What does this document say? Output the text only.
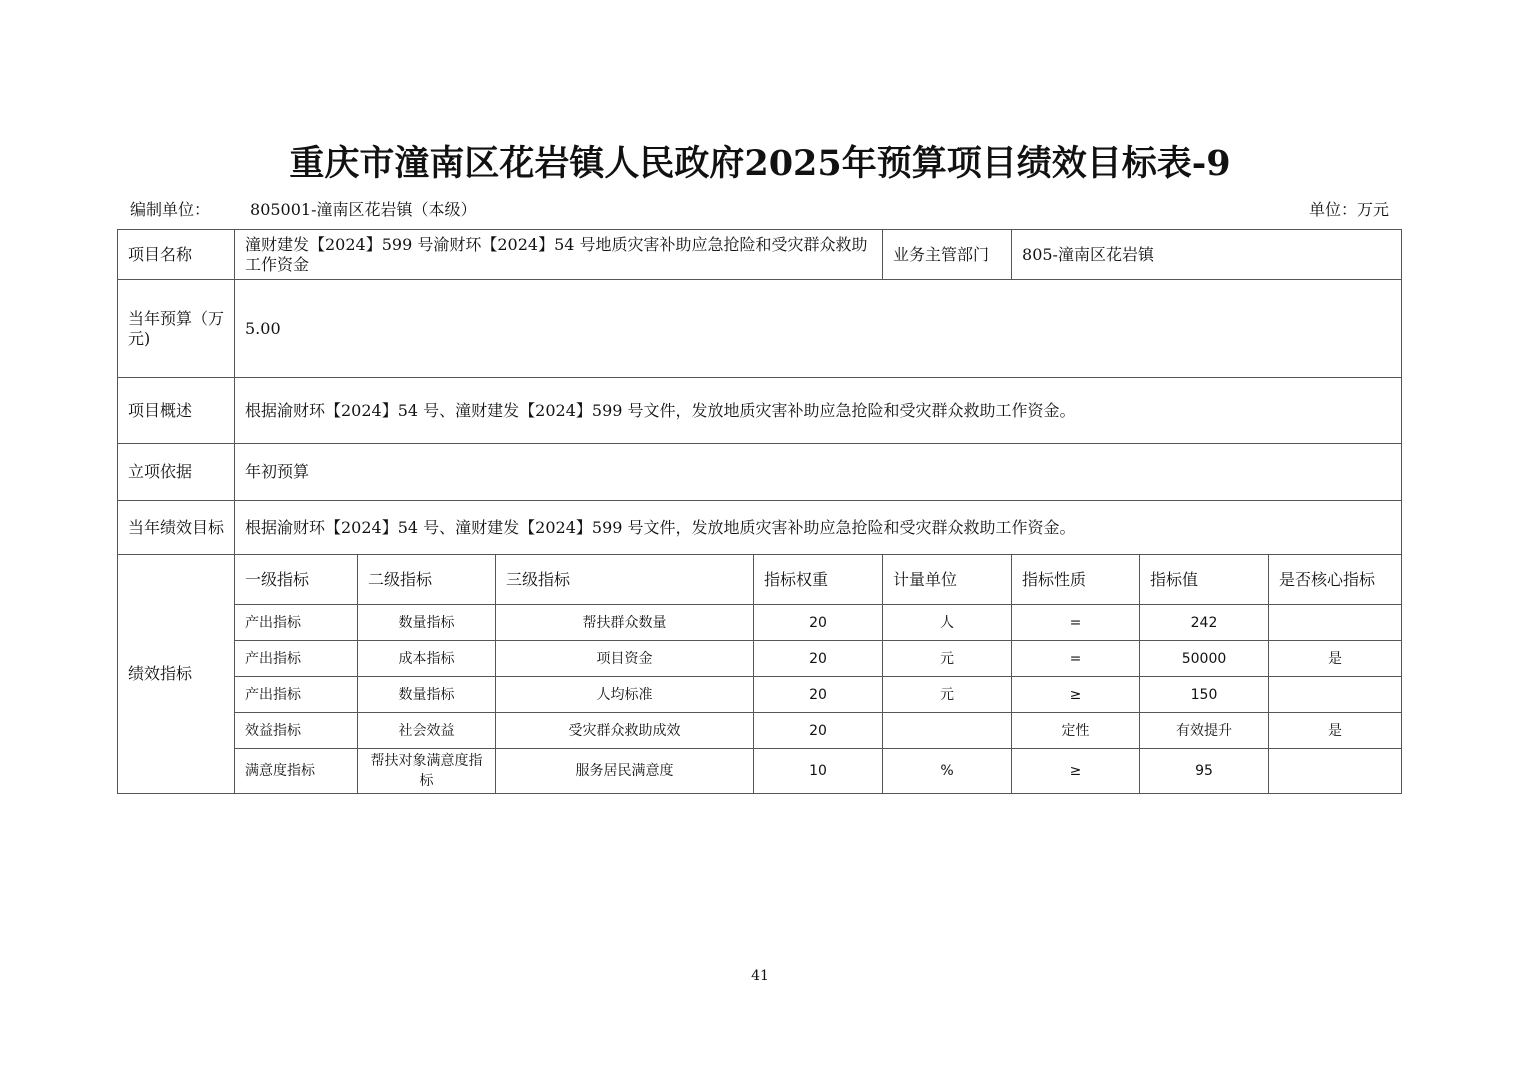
重庆市潼南区花岩镇人民政府2025年预算项目绩效目标表-9
编制单位：	805001-潼南区花岩镇（本级）	单位：万元
项目名称	潼财建发【2024】599 号渝财环【2024】54 号地质灾害补助应急抢险和受灾群众救助工作资金				业务主管部门	805-潼南区花岩镇		
当年预算（万元)	5.00							
项目概述	根据渝财环【2024】54 号、潼财建发【2024】599 号文件，发放地质灾害补助应急抢险和受灾群众救助工作资金。							
立项依据	年初预算							
当年绩效目标	根据渝财环【2024】54 号、潼财建发【2024】599 号文件，发放地质灾害补助应急抢险和受灾群众救助工作资金。							
绩效指标	一级指标	二级指标	三级指标	指标权重	计量单位	指标性质	指标值	是否核心指标
	产出指标	数量指标	帮扶群众数量	20	人	=	242	
	产出指标	成本指标	项目资金	20	元	=	50000	是
	产出指标	数量指标	人均标准	20	元	≥	150	
	效益指标	社会效益	受灾群众救助成效	20		定性	有效提升	是
	满意度指标	帮扶对象满意度指标	服务居民满意度	10	%	≥	95	
41
